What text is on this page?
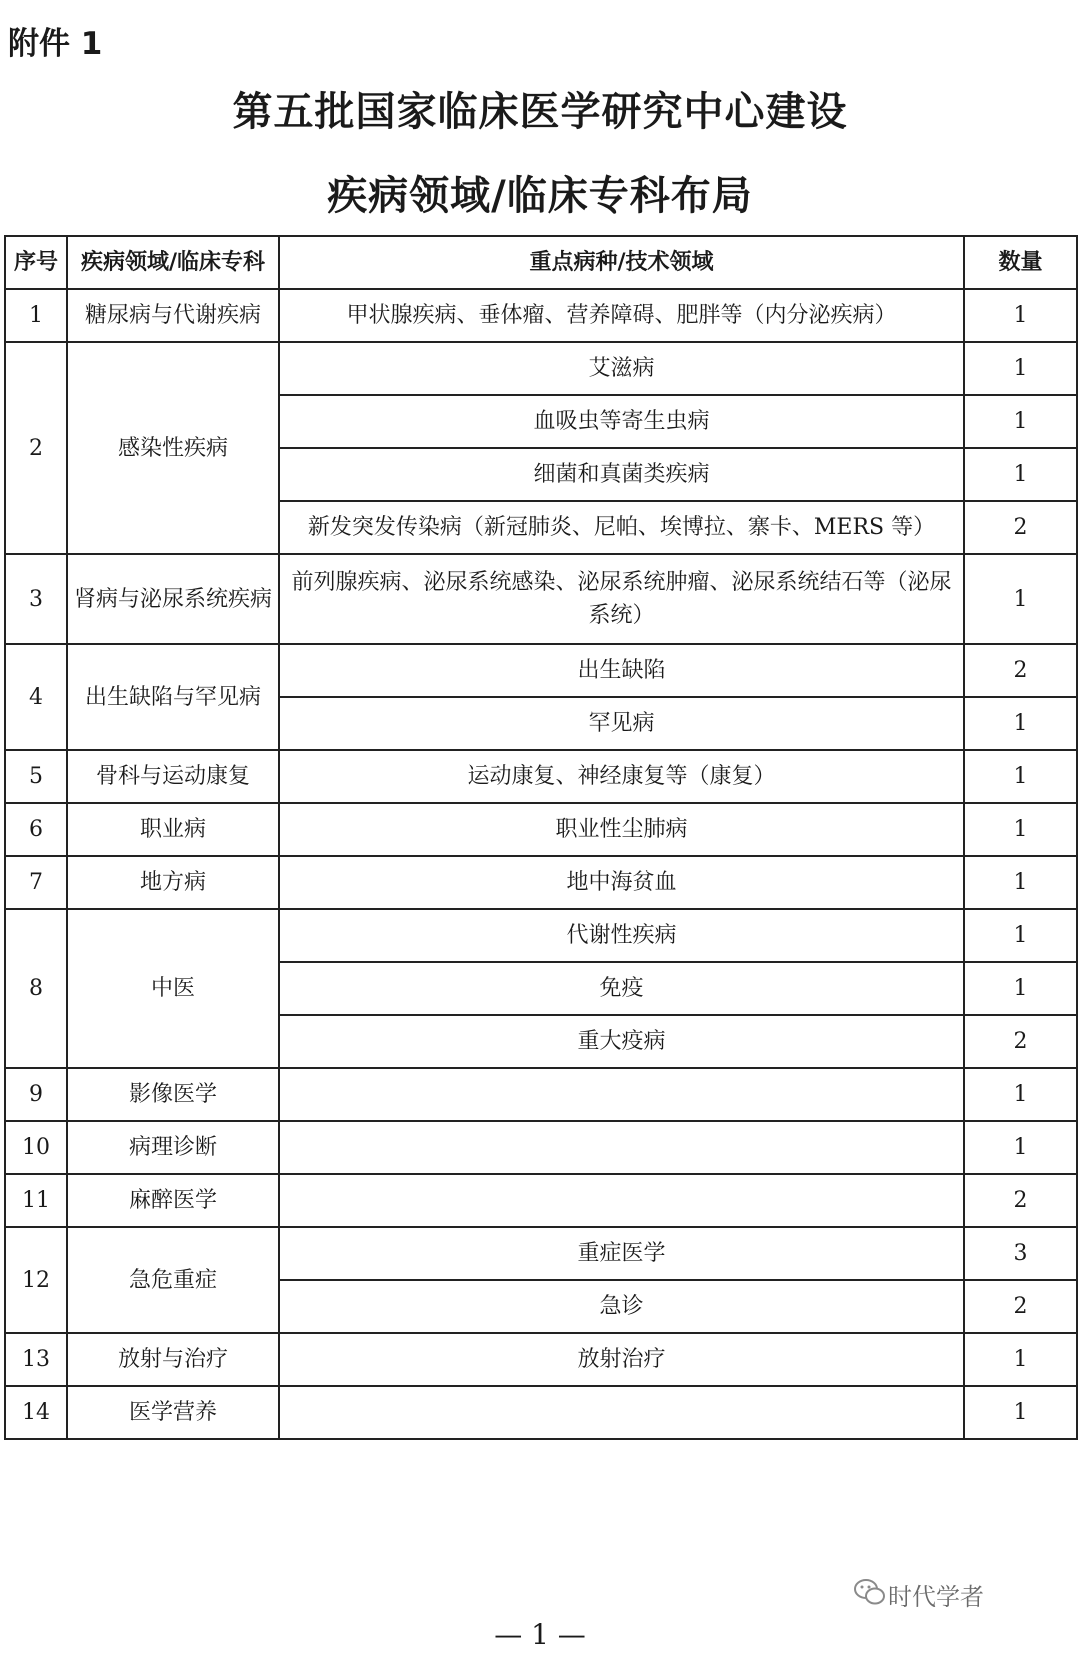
附件 1
第五批国家临床医学研究中心建设
疾病领域/临床专科布局
序号	疾病领域/临床专科	重点病种/技术领域	数量
1	糖尿病与代谢疾病	甲状腺疾病、垂体瘤、营养障碍、肥胖等（内分泌疾病）	1
2	感染性疾病	艾滋病	1
		血吸虫等寄生虫病	1
		细菌和真菌类疾病	1
		新发突发传染病（新冠肺炎、尼帕、埃博拉、寨卡、MERS 等）	2
3	肾病与泌尿系统疾病	前列腺疾病、泌尿系统感染、泌尿系统肿瘤、泌尿系统结石等（泌尿系统）	1
4	出生缺陷与罕见病	出生缺陷	2
		罕见病	1
5	骨科与运动康复	运动康复、神经康复等（康复）	1
6	职业病	职业性尘肺病	1
7	地方病	地中海贫血	1
8	中医	代谢性疾病	1
		免疫	1
		重大疫病	2
9	影像医学		1
10	病理诊断		1
11	麻醉医学		2
12	急危重症	重症医学	3
		急诊	2
13	放射与治疗	放射治疗	1
14	医学营养		1
时代学者
— 1 —
